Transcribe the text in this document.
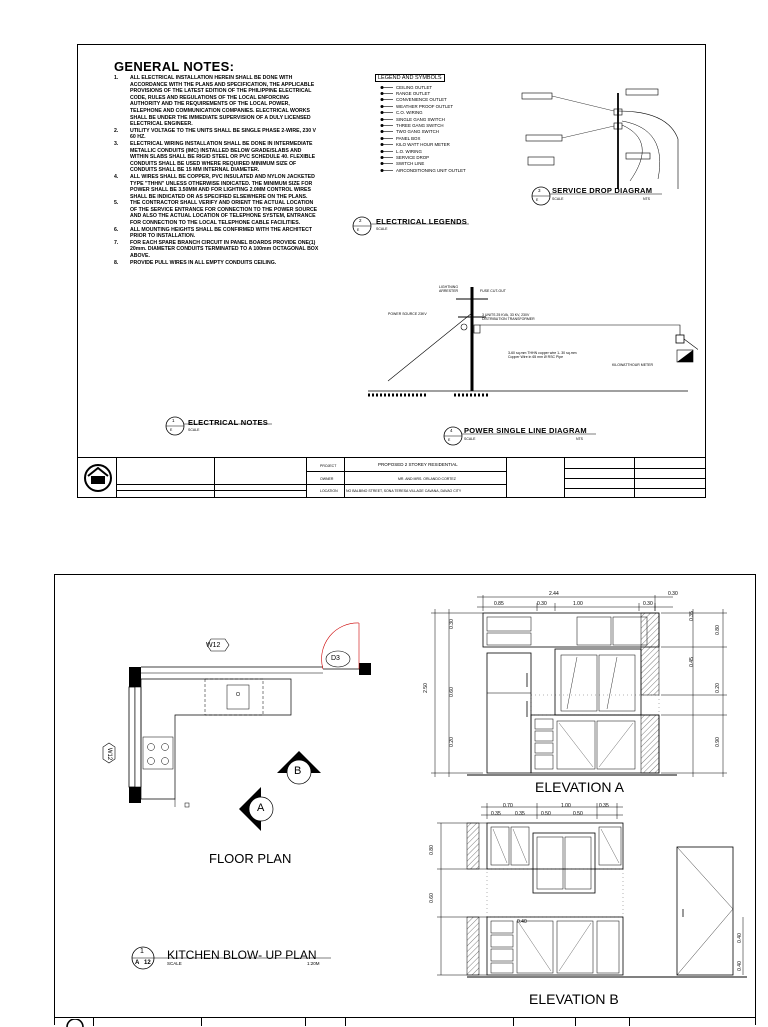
GENERAL NOTES:
1.	ALL ELECTRICAL INSTALLATION HEREIN SHALL BE DONE WITH ACCORDANCE WITH THE PLANS AND SPECIFICATION, THE APPLICABLE PROVISIONS OF THE LATEST EDITION OF THE PHILIPPINE ELECTRICAL CODE, RULES AND REGULATIONS OF THE LOCAL ENFORCING AUTHORITY AND THE REQUIREMENTS OF THE LOCAL POWER, TELEPHONE AND COMMUNICATION COMPANIES. ELECTRICAL WORKS SHALL BE UNDER THE IMMEDIATE SUPERVISION OF A DULY LICENSED ELECTRICAL ENGINEER.
2.	UTILITY VOLTAGE TO THE UNITS SHALL BE SINGLE PHASE 2-WIRE, 230 V 60 HZ.
3.	ELECTRICAL WIRING INSTALLATION SHALL BE DONE IN INTERMEDIATE METALLIC CONDUITS (IMC) INSTALLED BELOW GRADE/SLABS AND WITHIN SLABS SHALL BE RIGID STEEL OR PVC SCHEDULE 40. FLEXIBLE CONDUITS SHALL BE USED WHERE REQUIRED MINIMUM SIZE OF CONDUITS SHALL BE 15 MM INTERNAL DIAMETER.
4.	ALL WIRES SHALL BE COPPER, PVC INSULATED AND NYLON JACKETED TYPE "THHN" UNLESS OTHERWISE INDICATED. THE MINIMUM SIZE FOR POWER SHALL BE 3.50MM AND FOR LIGHTING 2.0MM CONTROL WIRES SHALL BE INDICATED OR AS SPECIFIED ELSEWHERE ON THE PLANS.
5.	THE CONTRACTOR SHALL VERIFY AND ORIENT THE ACTUAL LOCATION OF THE SERVICE ENTRANCE FOR CONNECTION TO THE POWER SOURCE AND ALSO THE ACTUAL LOCATION OF TELEPHONE SYSTEM, ENTRANCE FOR CONNECTION TO THE LOCAL TELEPHONE CABLE FACILITIES.
6.	ALL MOUNTING HEIGHTS SHALL BE CONFIRMED WITH THE ARCHITECT PRIOR TO INSTALLATION.
7.	FOR EACH SPARE BRANCH CIRCUIT IN PANEL BOARDS PROVIDE ONE(1) 20mm. DIAMETER CONDUITS TERMINATED TO A 100mm OCTAGONAL BOX ABOVE.
8.	PROVIDE PULL WIRES IN ALL EMPTY CONDUITS CEILING.
1
E
ELECTRICAL NOTES
SCALE
LEGEND AND SYMBOLS
CEILING OUTLET
RANGE OUTLET
CONVENIENCE OUTLET
WEATHER PROOF OUTLET
C.O. WIRING
SINGLE GANG SWITCH
THREE GANG SWITCH
TWO GANG SWITCH
PANEL BOX
KILO WATT HOUR METER
L.O. WIRING
SERVICE DROP
SWITCH LINE
AIRCONDITIONING UNIT OUTLET
2
E
ELECTRICAL LEGENDS
SCALE
3
E
SERVICE DROP DIAGRAM
SCALE	NTS
LIGHTNING ARRESTER	FUSE CUT-OUT
POWER SOURCE 23KV	3 UNITS 25 KVA, 33 KV, 230V DISTRIBUTION TRANSFORMER
3-60 sq.mm THHN copper wire 1- 30 sq.mm Copper Wire in 65 mm Ø RSC Pipe
KILOWATTHOUR METER
4
E
POWER SINGLE LINE DIAGRAM
SCALE	NTS
PROJECT	PROPOSED 2 STOREY RESIDENTIAL
OWNER	MR. AND MRS. ORLANDO CORTEZ
LOCATION NO BALBINO STREET, SONA TERESA VILLAGE CAVANA, DAVAO CITY
W12
W12
D3
B
A
FLOOR PLAN
1
A 12
KITCHEN BLOW- UP PLAN
SCALE	1:20M
0.85	0.30	1.00	0.30
2.44	0.30
0.35
0.80
0.45
0.20
0.90
2.50
0.30
0.60
0.20
ELEVATION A
0.70
0.35	0.35
1.00
0.50	0.50
0.35
0.80
0.60
0.40
0.40
0.40
ELEVATION B
